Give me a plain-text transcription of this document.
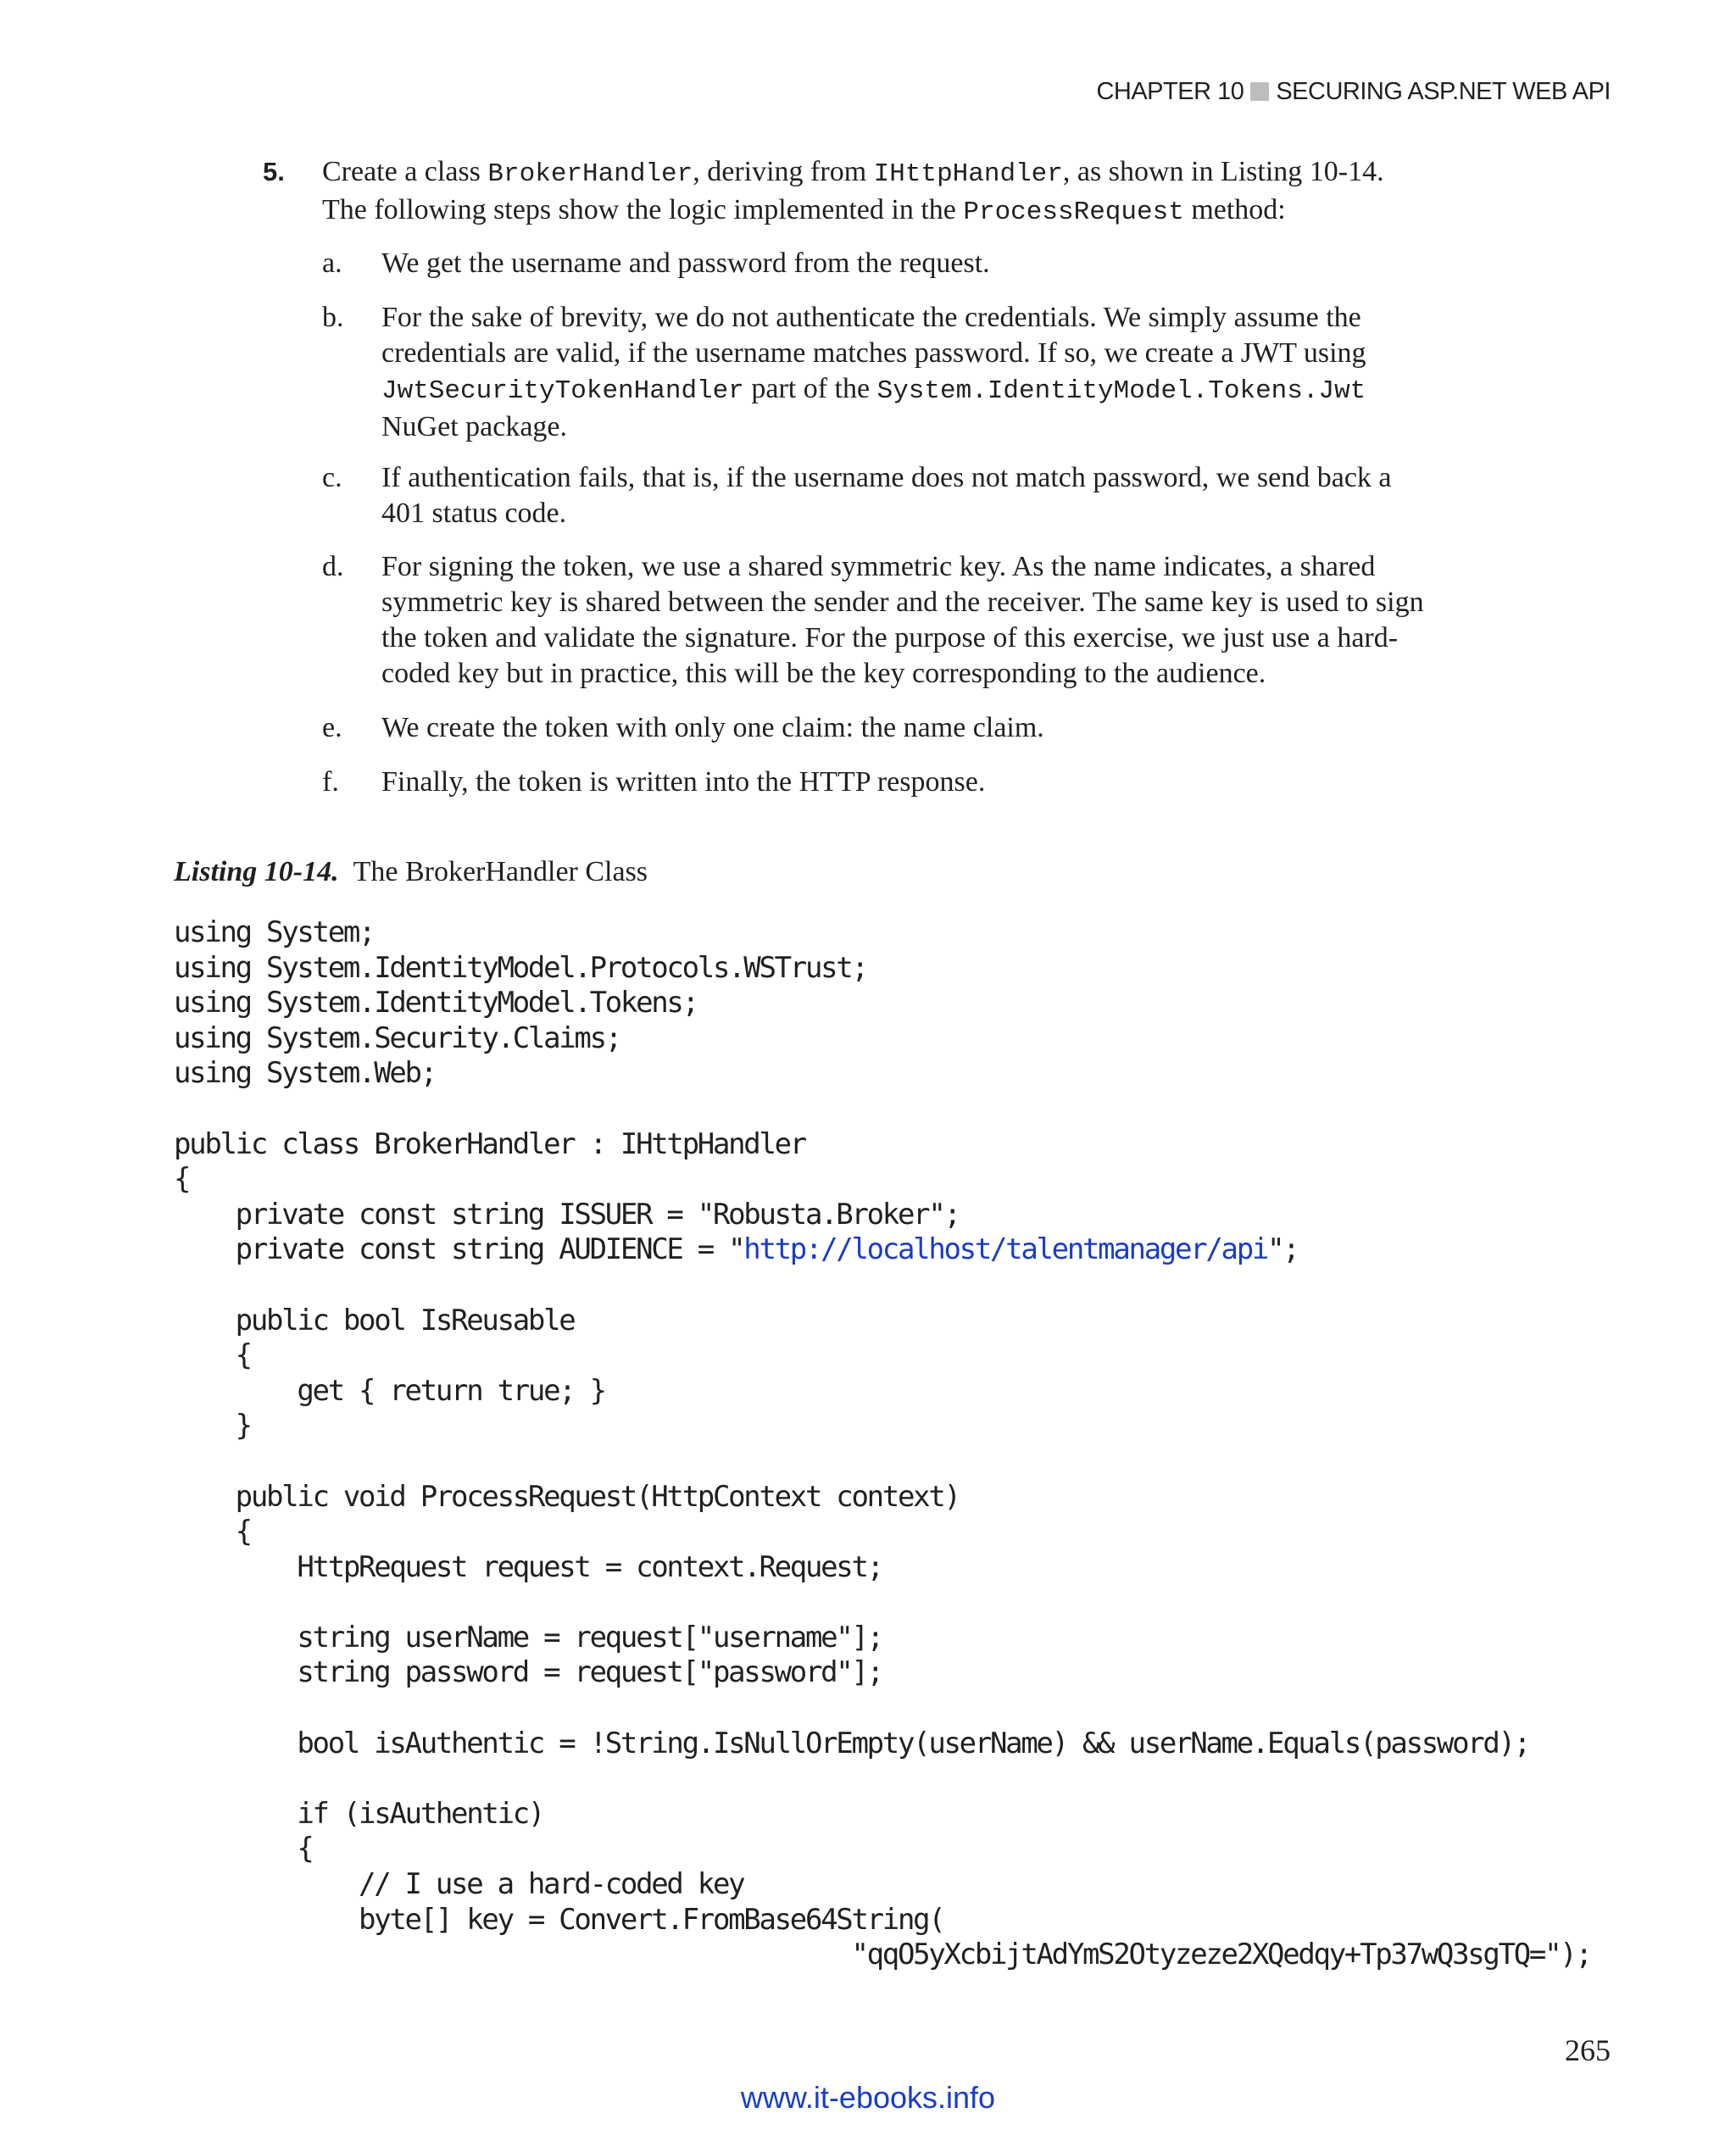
CHAPTER 10 SECURING ASP.NET WEB API
5. Create a class BrokerHandler, deriving from IHttpHandler, as shown in Listing 10-14.
The following steps show the logic implemented in the ProcessRequest method:
a. We get the username and password from the request.
b. For the sake of brevity, we do not authenticate the credentials. We simply assume the credentials are valid, if the username matches password. If so, we create a JWT using JwtSecurityTokenHandler part of the System.IdentityModel.Tokens.Jwt NuGet package.
c. If authentication fails, that is, if the username does not match password, we send back a 401 status code.
d. For signing the token, we use a shared symmetric key. As the name indicates, a shared symmetric key is shared between the sender and the receiver. The same key is used to sign the token and validate the signature. For the purpose of this exercise, we just use a hard-coded key but in practice, this will be the key corresponding to the audience.
e. We create the token with only one claim: the name claim.
f. Finally, the token is written into the HTTP response.
Listing 10-14. The BrokerHandler Class
using System;
using System.IdentityModel.Protocols.WSTrust;
using System.IdentityModel.Tokens;
using System.Security.Claims;
using System.Web;

public class BrokerHandler : IHttpHandler
{
private const string ISSUER = "Robusta.Broker";
private const string AUDIENCE = "http://localhost/talentmanager/api";

public bool IsReusable
{
get { return true; }
}

public void ProcessRequest(HttpContext context)
{
HttpRequest request = context.Request;

string userName = request["username"];
string password = request["password"];

bool isAuthentic = !String.IsNullOrEmpty(userName) && userName.Equals(password);

if (isAuthentic)
{
// I use a hard-coded key
byte[] key = Convert.FromBase64String(
"qqO5yXcbijtAdYmS2Otyzeze2XQedqy+Tp37wQ3sgTQ=");
265
www.it-ebooks.info
